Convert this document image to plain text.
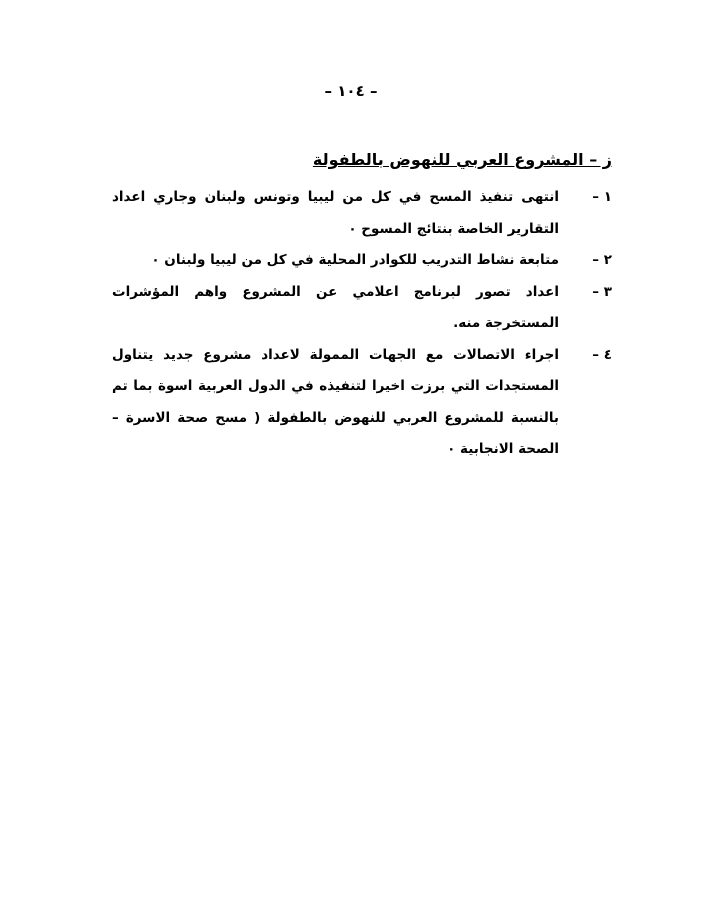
– ١٠٤ –
ز – المشروع العربي للنهوض بالطفولة
١ –
انتهى تنفيذ المسح في كل من ليبيا وتونس ولبنان وجاري اعداد التقارير الخاصة بنتائج المسوح ٠
٢ –
متابعة نشاط التدريب للكوادر المحلية في كل من ليبيا ولبنان ٠
٣ –
اعداد تصور لبرنامج اعلامي عن المشروع واهم المؤشرات المستخرجة منه.
٤ –
اجراء الاتصالات مع الجهات الممولة لاعداد مشروع جديد يتناول المستجدات التي برزت اخيرا لتنفيذه في الدول العربية اسوة بما تم بالنسبة للمشروع العربي للنهوض بالطفولة ( مسح صحة الاسرة – الصحة الانجابية ٠
